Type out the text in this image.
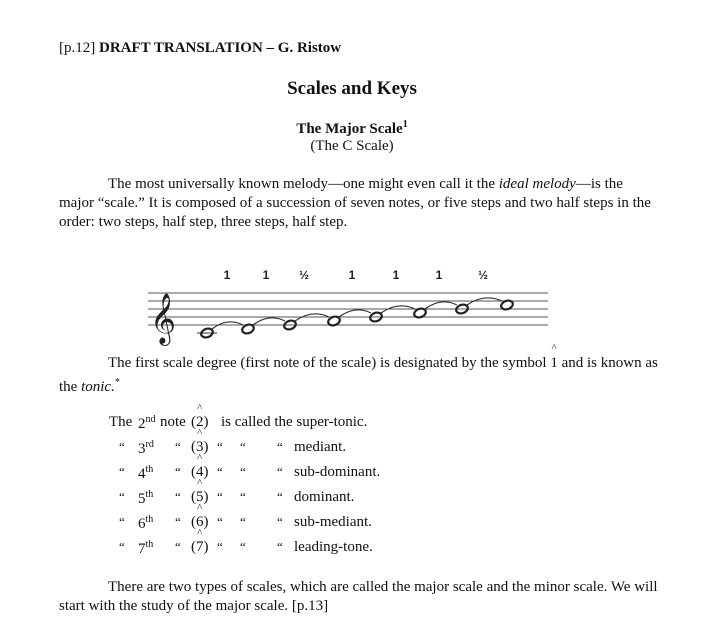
[p.12] DRAFT TRANSLATION – G. Ristow
Scales and Keys
The Major Scale$^1$
(The C Scale)
The most universally known melody—one might even call it the ideal melody—is the major “scale.” It is composed of a succession of seven notes, or five steps and two half steps in the order: two steps, half step, three steps, half step.
𝄞
1	1 ½	1	1	1	½
The first scale degree (first note of the scale) is designated by the symbol ^ 1 and is known as the tonic.*
The 2nd note (^ 2) is called the super-tonic.
“ 3rd “ (^ 3) “ “ “ mediant.
“ 4th “ (^ 4) “ “ “ sub-dominant.
“ 5th “ (^ 5) “ “ “ dominant.
“ 6th “ (^ 6) “ “ “ sub-mediant.
“ 7th “ (^ 7) “ “ “ leading-tone.
There are two types of scales, which are called the major scale and the minor scale. We will start with the study of the major scale. [p.13]
